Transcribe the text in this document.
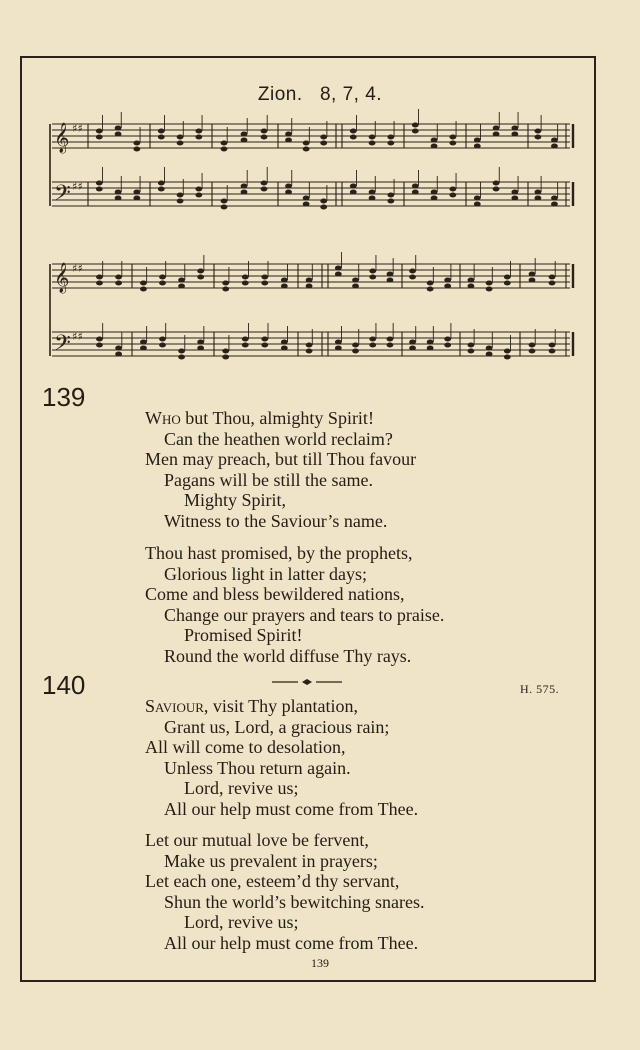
Zion. 8, 7, 4.
𝄞 ♯♯
𝄢 ♯♯
𝄞 ♯♯
𝄢 ♯♯
139
Who but Thou, almighty Spirit!
Can the heathen world reclaim?
Men may preach, but till Thou favour
Pagans will be still the same.
Mighty Spirit,
Witness to the Saviour’s name.
Thou hast promised, by the prophets,
Glorious light in latter days;
Come and bless bewildered nations,
Change our prayers and tears to praise.
Promised Spirit!
Round the world diffuse Thy rays.
140	H. 575.
Saviour, visit Thy plantation,
Grant us, Lord, a gracious rain;
All will come to desolation,
Unless Thou return again.
Lord, revive us;
All our help must come from Thee.
Let our mutual love be fervent,
Make us prevalent in prayers;
Let each one, esteem’d thy servant,
Shun the world’s bewitching snares.
Lord, revive us;
All our help must come from Thee.
139
